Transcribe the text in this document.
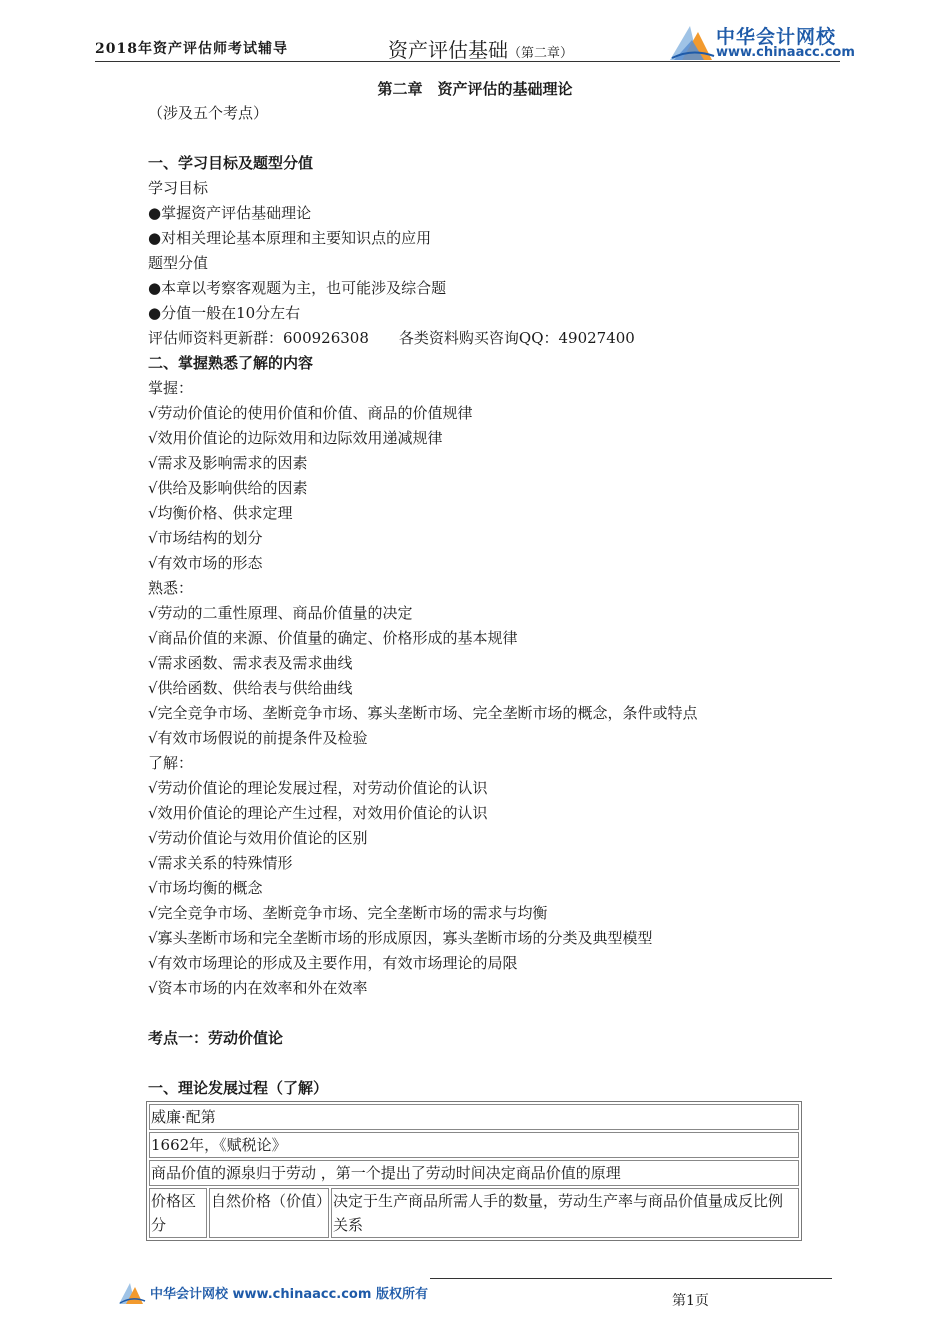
2018年资产评估师考试辅导	资产评估基础（第二章）
中华会计网校
www.chinaacc.com
第二章　资产评估的基础理论
（涉及五个考点）
一、学习目标及题型分值
学习目标
●掌握资产评估基础理论
●对相关理论基本原理和主要知识点的应用
题型分值
●本章以考察客观题为主，也可能涉及综合题
●分值一般在10分左右
评估师资料更新群：600926308　　各类资料购买咨询QQ：49027400
二、掌握熟悉了解的内容
掌握：
√劳动价值论的使用价值和价值、商品的价值规律
√效用价值论的边际效用和边际效用递减规律
√需求及影响需求的因素
√供给及影响供给的因素
√均衡价格、供求定理
√市场结构的划分
√有效市场的形态
熟悉：
√劳动的二重性原理、商品价值量的决定
√商品价值的来源、价值量的确定、价格形成的基本规律
√需求函数、需求表及需求曲线
√供给函数、供给表与供给曲线
√完全竞争市场、垄断竞争市场、寡头垄断市场、完全垄断市场的概念，条件或特点
√有效市场假说的前提条件及检验
了解：
√劳动价值论的理论发展过程，对劳动价值论的认识
√效用价值论的理论产生过程，对效用价值论的认识
√劳动价值论与效用价值论的区别
√需求关系的特殊情形
√市场均衡的概念
√完全竞争市场、垄断竞争市场、完全垄断市场的需求与均衡
√寡头垄断市场和完全垄断市场的形成原因，寡头垄断市场的分类及典型模型
√有效市场理论的形成及主要作用，有效市场理论的局限
√资本市场的内在效率和外在效率
考点一：劳动价值论
一、理论发展过程（了解）
威廉·配第
1662年，《赋税论》
商品价值的源泉归于劳动 ，第一个提出了劳动时间决定商品价值的原理
价格区分	自然价格（价值）	决定于生产商品所需人手的数量，劳动生产率与商品价值量成反比例关系
中华会计网校 www.chinaacc.com 版权所有	第1页
